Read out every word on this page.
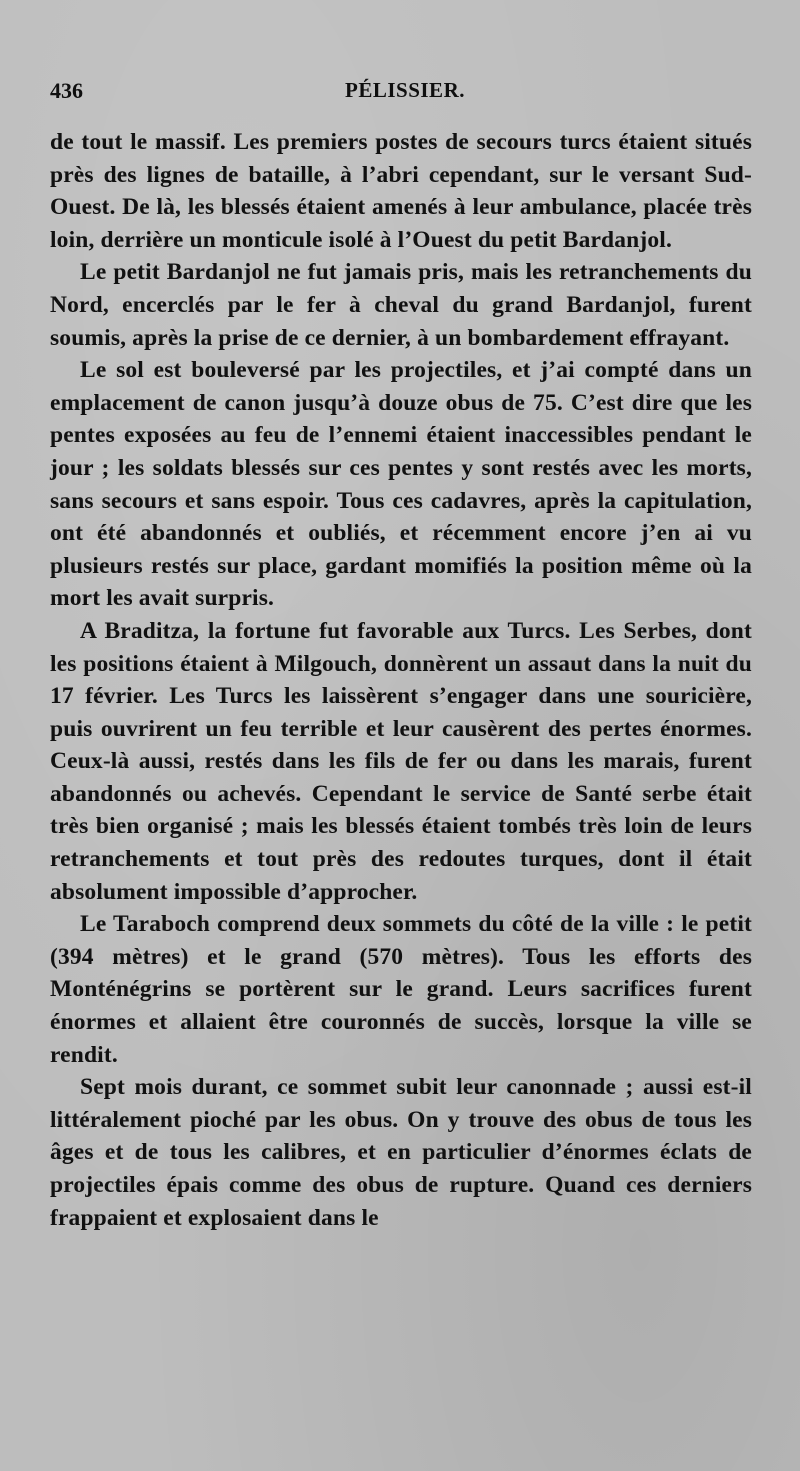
436	PÉLISSIER.

de tout le massif. Les premiers postes de secours turcs étaient situés près des lignes de bataille, à l’abri cependant, sur le versant Sud-Ouest. De là, les blessés étaient amenés à leur ambulance, placée très loin, derrière un monticule isolé à l’Ouest du petit Bardanjol.

Le petit Bardanjol ne fut jamais pris, mais les retranchements du Nord, encerclés par le fer à cheval du grand Bardanjol, furent soumis, après la prise de ce dernier, à un bombardement effrayant.

Le sol est bouleversé par les projectiles, et j’ai compté dans un emplacement de canon jusqu’à douze obus de 75. C’est dire que les pentes exposées au feu de l’ennemi étaient inaccessibles pendant le jour ; les soldats blessés sur ces pentes y sont restés avec les morts, sans secours et sans espoir. Tous ces cadavres, après la capitulation, ont été abandonnés et oubliés, et récemment encore j’en ai vu plusieurs restés sur place, gardant momifiés la position même où la mort les avait surpris.

A Braditza, la fortune fut favorable aux Turcs. Les Serbes, dont les positions étaient à Milgouch, donnèrent un assaut dans la nuit du 17 février. Les Turcs les laissèrent s’engager dans une souricière, puis ouvrirent un feu terrible et leur causèrent des pertes énormes. Ceux-là aussi, restés dans les fils de fer ou dans les marais, furent abandonnés ou achevés. Cependant le service de Santé serbe était très bien organisé ; mais les blessés étaient tombés très loin de leurs retranchements et tout près des redoutes turques, dont il était absolument impossible d’approcher.

Le Taraboch comprend deux sommets du côté de la ville : le petit (394 mètres) et le grand (570 mètres). Tous les efforts des Monténégrins se portèrent sur le grand. Leurs sacrifices furent énormes et allaient être couronnés de succès, lorsque la ville se rendit.

Sept mois durant, ce sommet subit leur canonnade ; aussi est-il littéralement pioché par les obus. On y trouve des obus de tous les âges et de tous les calibres, et en particulier d’énormes éclats de projectiles épais comme des obus de rupture. Quand ces derniers frappaient et explosaient dans le
